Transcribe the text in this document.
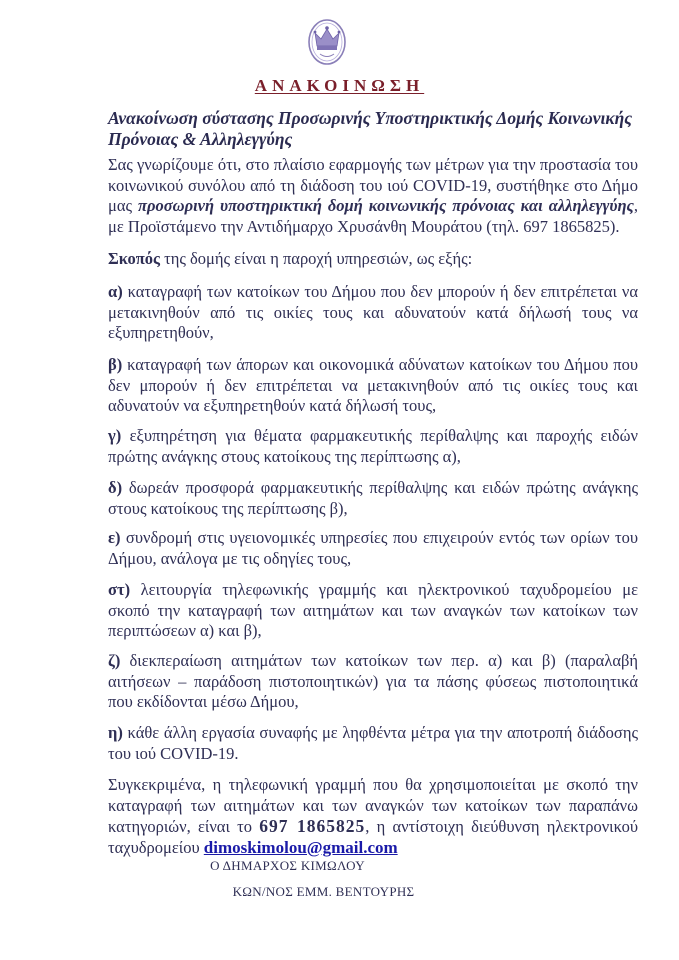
ΑΝΑΚΟΙΝΩΣΗ
Ανακοίνωση σύστασης Προσωρινής Υποστηρικτικής Δομής Κοινωνικής Πρόνοιας & Αλληλεγγύης
Σας γνωρίζουμε ότι, στο πλαίσιο εφαρμογής των μέτρων για την προστασία του κοινωνικού συνόλου από τη διάδοση του ιού COVID-19, συστήθηκε στο Δήμο μας προσωρινή υποστηρικτική δομή κοινωνικής πρόνοιας και αλληλεγγύης, με Προϊστάμενο την Αντιδήμαρχο Χρυσάνθη Μουράτου (τηλ. 697 1865825).
Σκοπός της δομής είναι η παροχή υπηρεσιών, ως εξής:
α) καταγραφή των κατοίκων του Δήμου που δεν μπορούν ή δεν επιτρέπεται να μετακινηθούν από τις οικίες τους και αδυνατούν κατά δήλωσή τους να εξυπηρετηθούν,
β) καταγραφή των άπορων και οικονομικά αδύνατων κατοίκων του Δήμου που δεν μπορούν ή δεν επιτρέπεται να μετακινηθούν από τις οικίες τους και αδυνατούν να εξυπηρετηθούν κατά δήλωσή τους,
γ) εξυπηρέτηση για θέματα φαρμακευτικής περίθαλψης και παροχής ειδών πρώτης ανάγκης στους κατοίκους της περίπτωσης α),
δ) δωρεάν προσφορά φαρμακευτικής περίθαλψης και ειδών πρώτης ανάγκης στους κατοίκους της περίπτωσης β),
ε) συνδρομή στις υγειονομικές υπηρεσίες που επιχειρούν εντός των ορίων του Δήμου, ανάλογα με τις οδηγίες τους,
στ) λειτουργία τηλεφωνικής γραμμής και ηλεκτρονικού ταχυδρομείου με σκοπό την καταγραφή των αιτημάτων και των αναγκών των κατοίκων των περιπτώσεων α) και β),
ζ) διεκπεραίωση αιτημάτων των κατοίκων των περ. α) και β) (παραλαβή αιτήσεων – παράδοση πιστοποιητικών) για τα πάσης φύσεως πιστοποιητικά που εκδίδονται μέσω Δήμου,
η) κάθε άλλη εργασία συναφής με ληφθέντα μέτρα για την αποτροπή διάδοσης του ιού COVID-19.
Συγκεκριμένα, η τηλεφωνική γραμμή που θα χρησιμοποιείται με σκοπό την καταγραφή των αιτημάτων και των αναγκών των κατοίκων των παραπάνω κατηγοριών, είναι το 697 1865825, η αντίστοιχη διεύθυνση ηλεκτρονικού ταχυδρομείου dimoskimolou@gmail.com
Ο ΔΗΜΑΡΧΟΣ ΚΙΜΩΛΟΥ
ΚΩΝ/ΝΟΣ ΕΜΜ. ΒΕΝΤΟΥΡΗΣ
